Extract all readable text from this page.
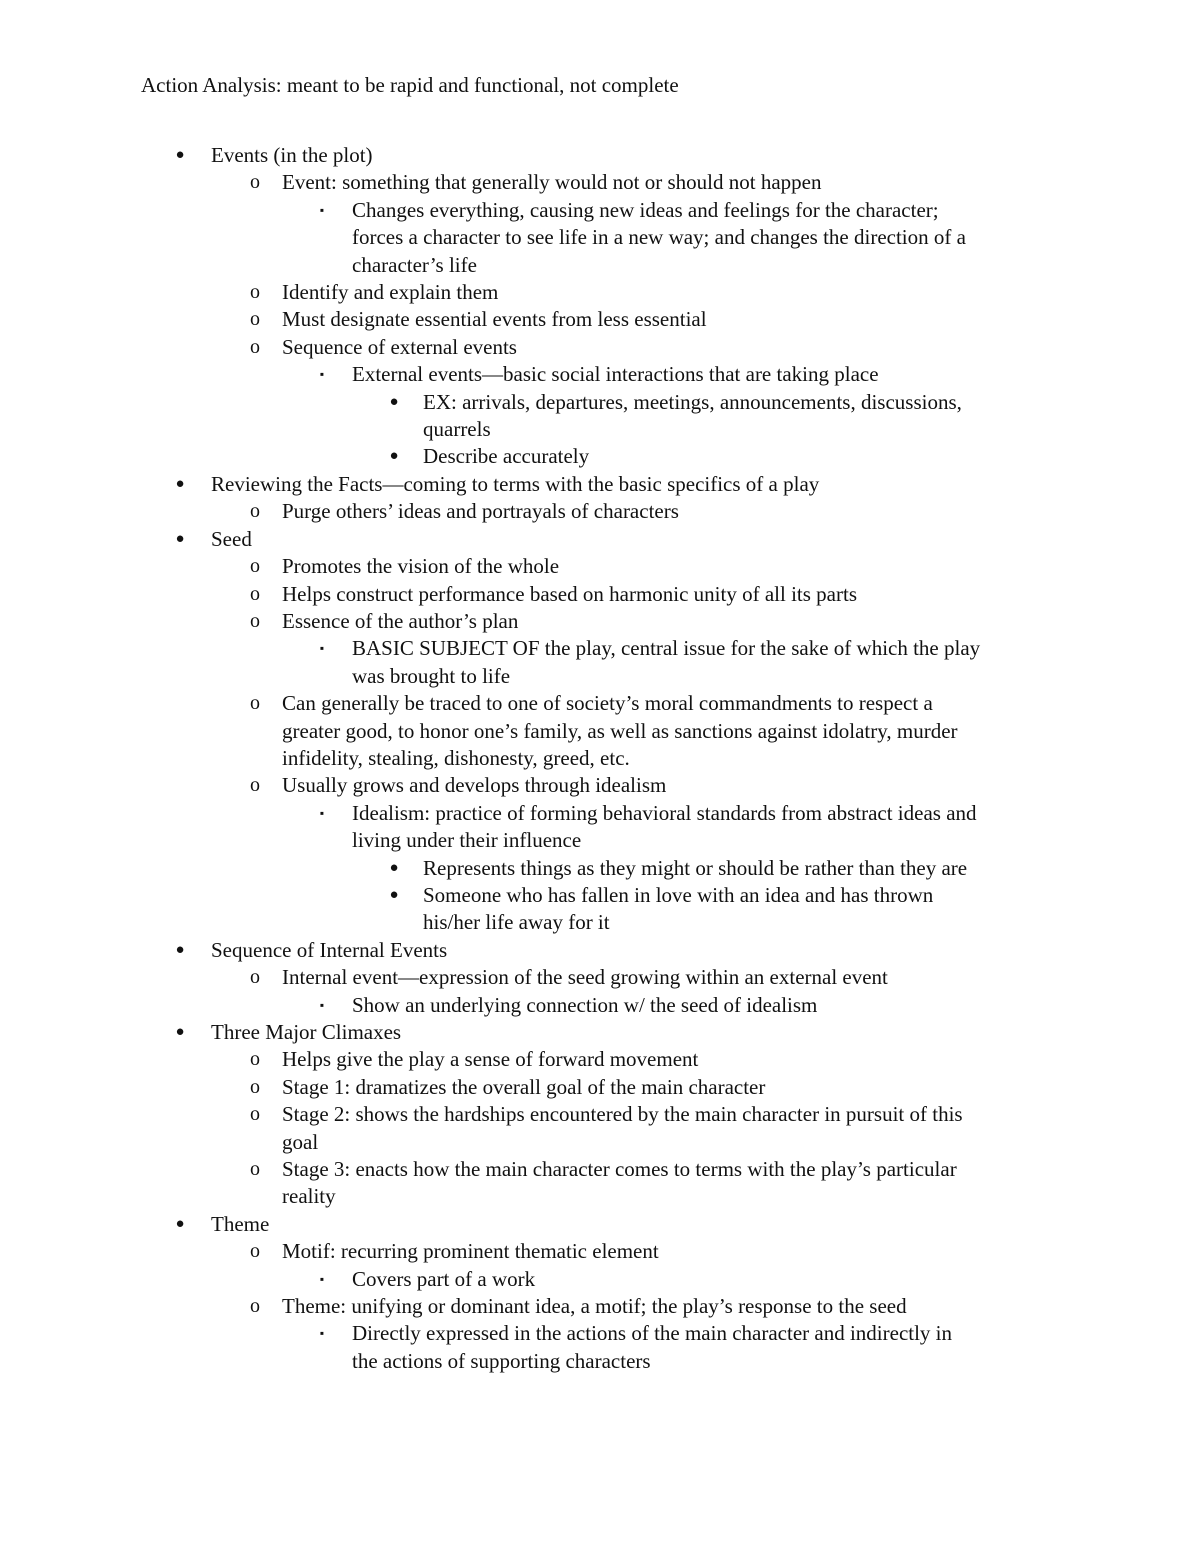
Action Analysis: meant to be rapid and functional, not complete
● Events (in the plot)
o Event: something that generally would not or should not happen
▪	Changes everything, causing new ideas and feelings for the character;
forces a character to see life in a new way; and changes the direction of a
character’s life
o Identify and explain them
o Must designate essential events from less essential
o Sequence of external events
▪	External events—basic social interactions that are taking place
● EX: arrivals, departures, meetings, announcements, discussions,
quarrels
● Describe accurately
● Reviewing the Facts—coming to terms with the basic specifics of a play
o Purge others’ ideas and portrayals of characters
● Seed
o Promotes the vision of the whole
o Helps construct performance based on harmonic unity of all its parts
o Essence of the author’s plan
▪	BASIC SUBJECT OF the play, central issue for the sake of which the play
was brought to life
o Can generally be traced to one of society’s moral commandments to respect a
greater good, to honor one’s family, as well as sanctions against idolatry, murder
infidelity, stealing, dishonesty, greed, etc.
o Usually grows and develops through idealism
▪	Idealism: practice of forming behavioral standards from abstract ideas and
living under their influence
● Represents things as they might or should be rather than they are
● Someone who has fallen in love with an idea and has thrown
his/her life away for it
● Sequence of Internal Events
o Internal event—expression of the seed growing within an external event
▪	Show an underlying connection w/ the seed of idealism
● Three Major Climaxes
o Helps give the play a sense of forward movement
o Stage 1: dramatizes the overall goal of the main character
o Stage 2: shows the hardships encountered by the main character in pursuit of this
goal
o Stage 3: enacts how the main character comes to terms with the play’s particular
reality
● Theme
o Motif: recurring prominent thematic element
▪	Covers part of a work
o Theme: unifying or dominant idea, a motif; the play’s response to the seed
▪	Directly expressed in the actions of the main character and indirectly in
the actions of supporting characters
